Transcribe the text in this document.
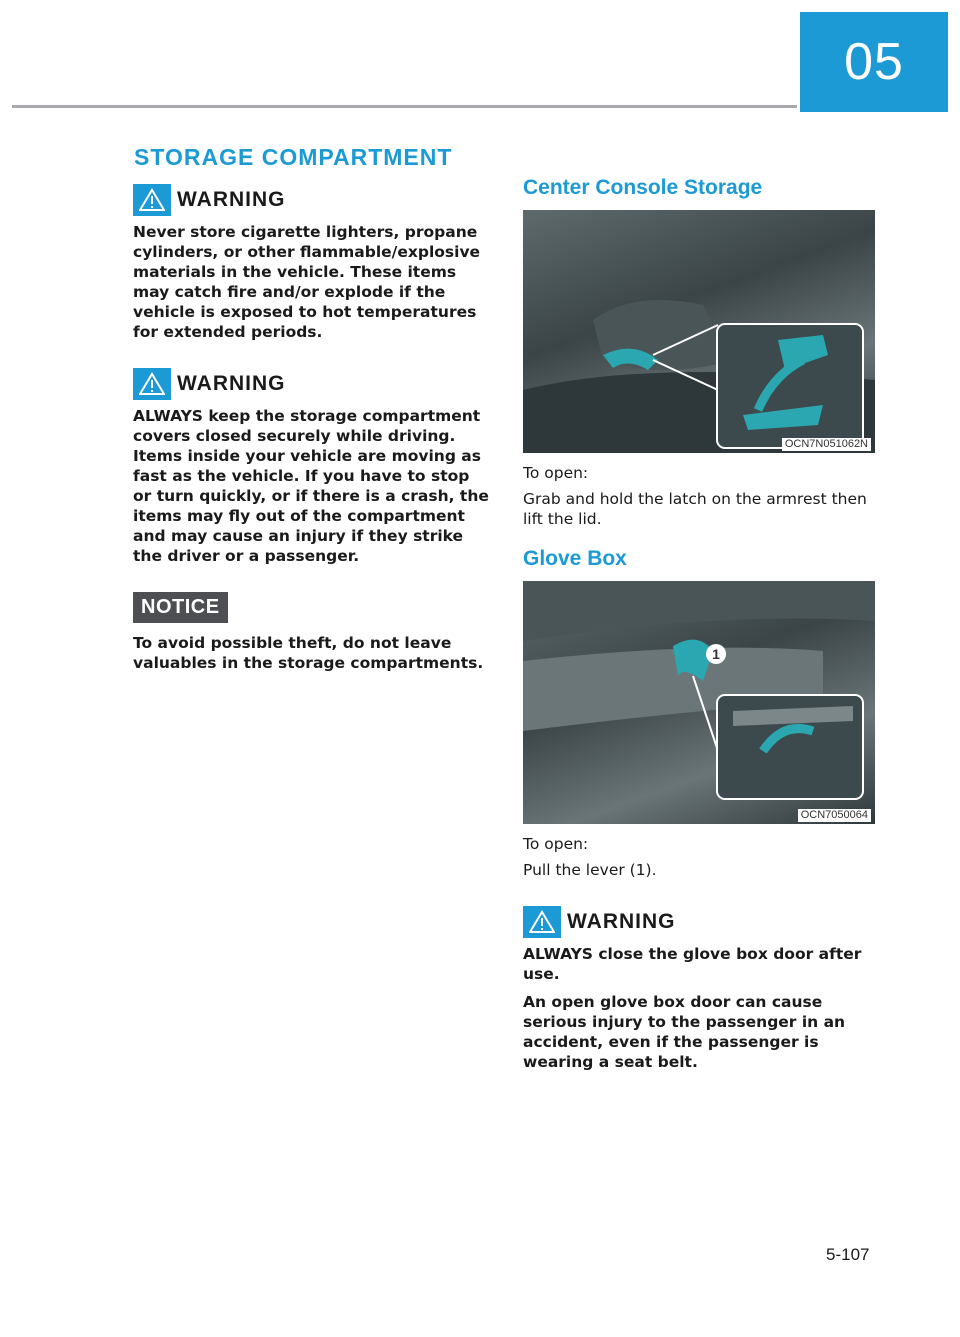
05
STORAGE COMPARTMENT
WARNING

Never store cigarette lighters, propane cylinders, or other flammable/explosive materials in the vehicle. These items may catch fire and/or explode if the vehicle is exposed to hot temperatures for extended periods.

WARNING

ALWAYS keep the storage compartment covers closed securely while driving. Items inside your vehicle are moving as fast as the vehicle. If you have to stop or turn quickly, or if there is a crash, the items may fly out of the compartment and may cause an injury if they strike the driver or a passenger.

NOTICE

To avoid possible theft, do not leave valuables in the storage compartments.

Center Console Storage
OCN7N051062N

To open:

Grab and hold the latch on the armrest then lift the lid.

Glove Box
1
OCN7050064

To open:

Pull the lever (1).

WARNING

ALWAYS close the glove box door after use.

An open glove box door can cause serious injury to the passenger in an accident, even if the passenger is wearing a seat belt.

5-107
